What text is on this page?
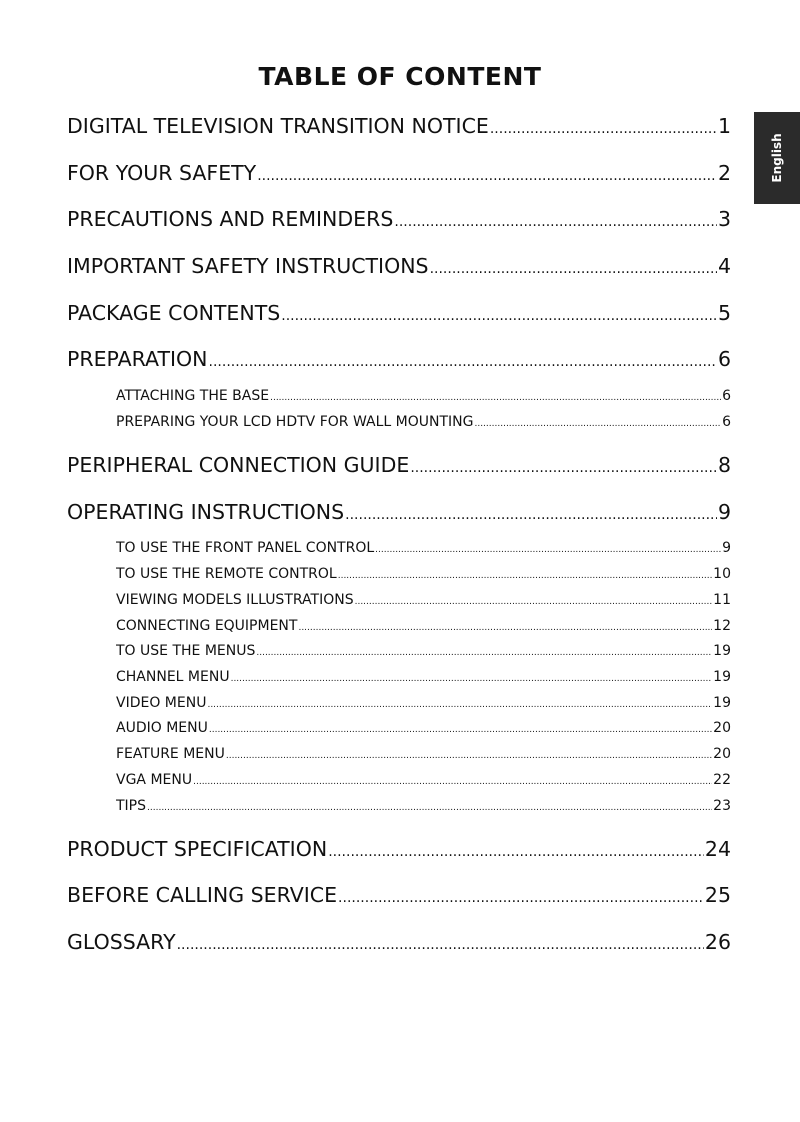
TABLE OF CONTENT
English
DIGITAL TELEVISION TRANSITION NOTICE .....	1
FOR YOUR SAFETY .....	2
PRECAUTIONS AND REMINDERS .....	3
IMPORTANT SAFETY INSTRUCTIONS .....	4
PACKAGE CONTENTS .....	5
PREPARATION .....	6
ATTACHING THE BASE .....	6
PREPARING YOUR LCD HDTV FOR WALL MOUNTING .....	6
PERIPHERAL CONNECTION GUIDE .....	8
OPERATING INSTRUCTIONS .....	9
TO USE THE FRONT PANEL CONTROL .....	9
TO USE THE REMOTE CONTROL .....	10
VIEWING MODELS ILLUSTRATIONS .....	11
CONNECTING EQUIPMENT .....	12
TO USE THE MENUS .....	19
CHANNEL MENU .....	19
VIDEO MENU .....	19
AUDIO MENU .....	20
FEATURE MENU .....	20
VGA MENU .....	22
TIPS .....	23
PRODUCT SPECIFICATION .....	24
BEFORE CALLING SERVICE .....	25
GLOSSARY .....	26
